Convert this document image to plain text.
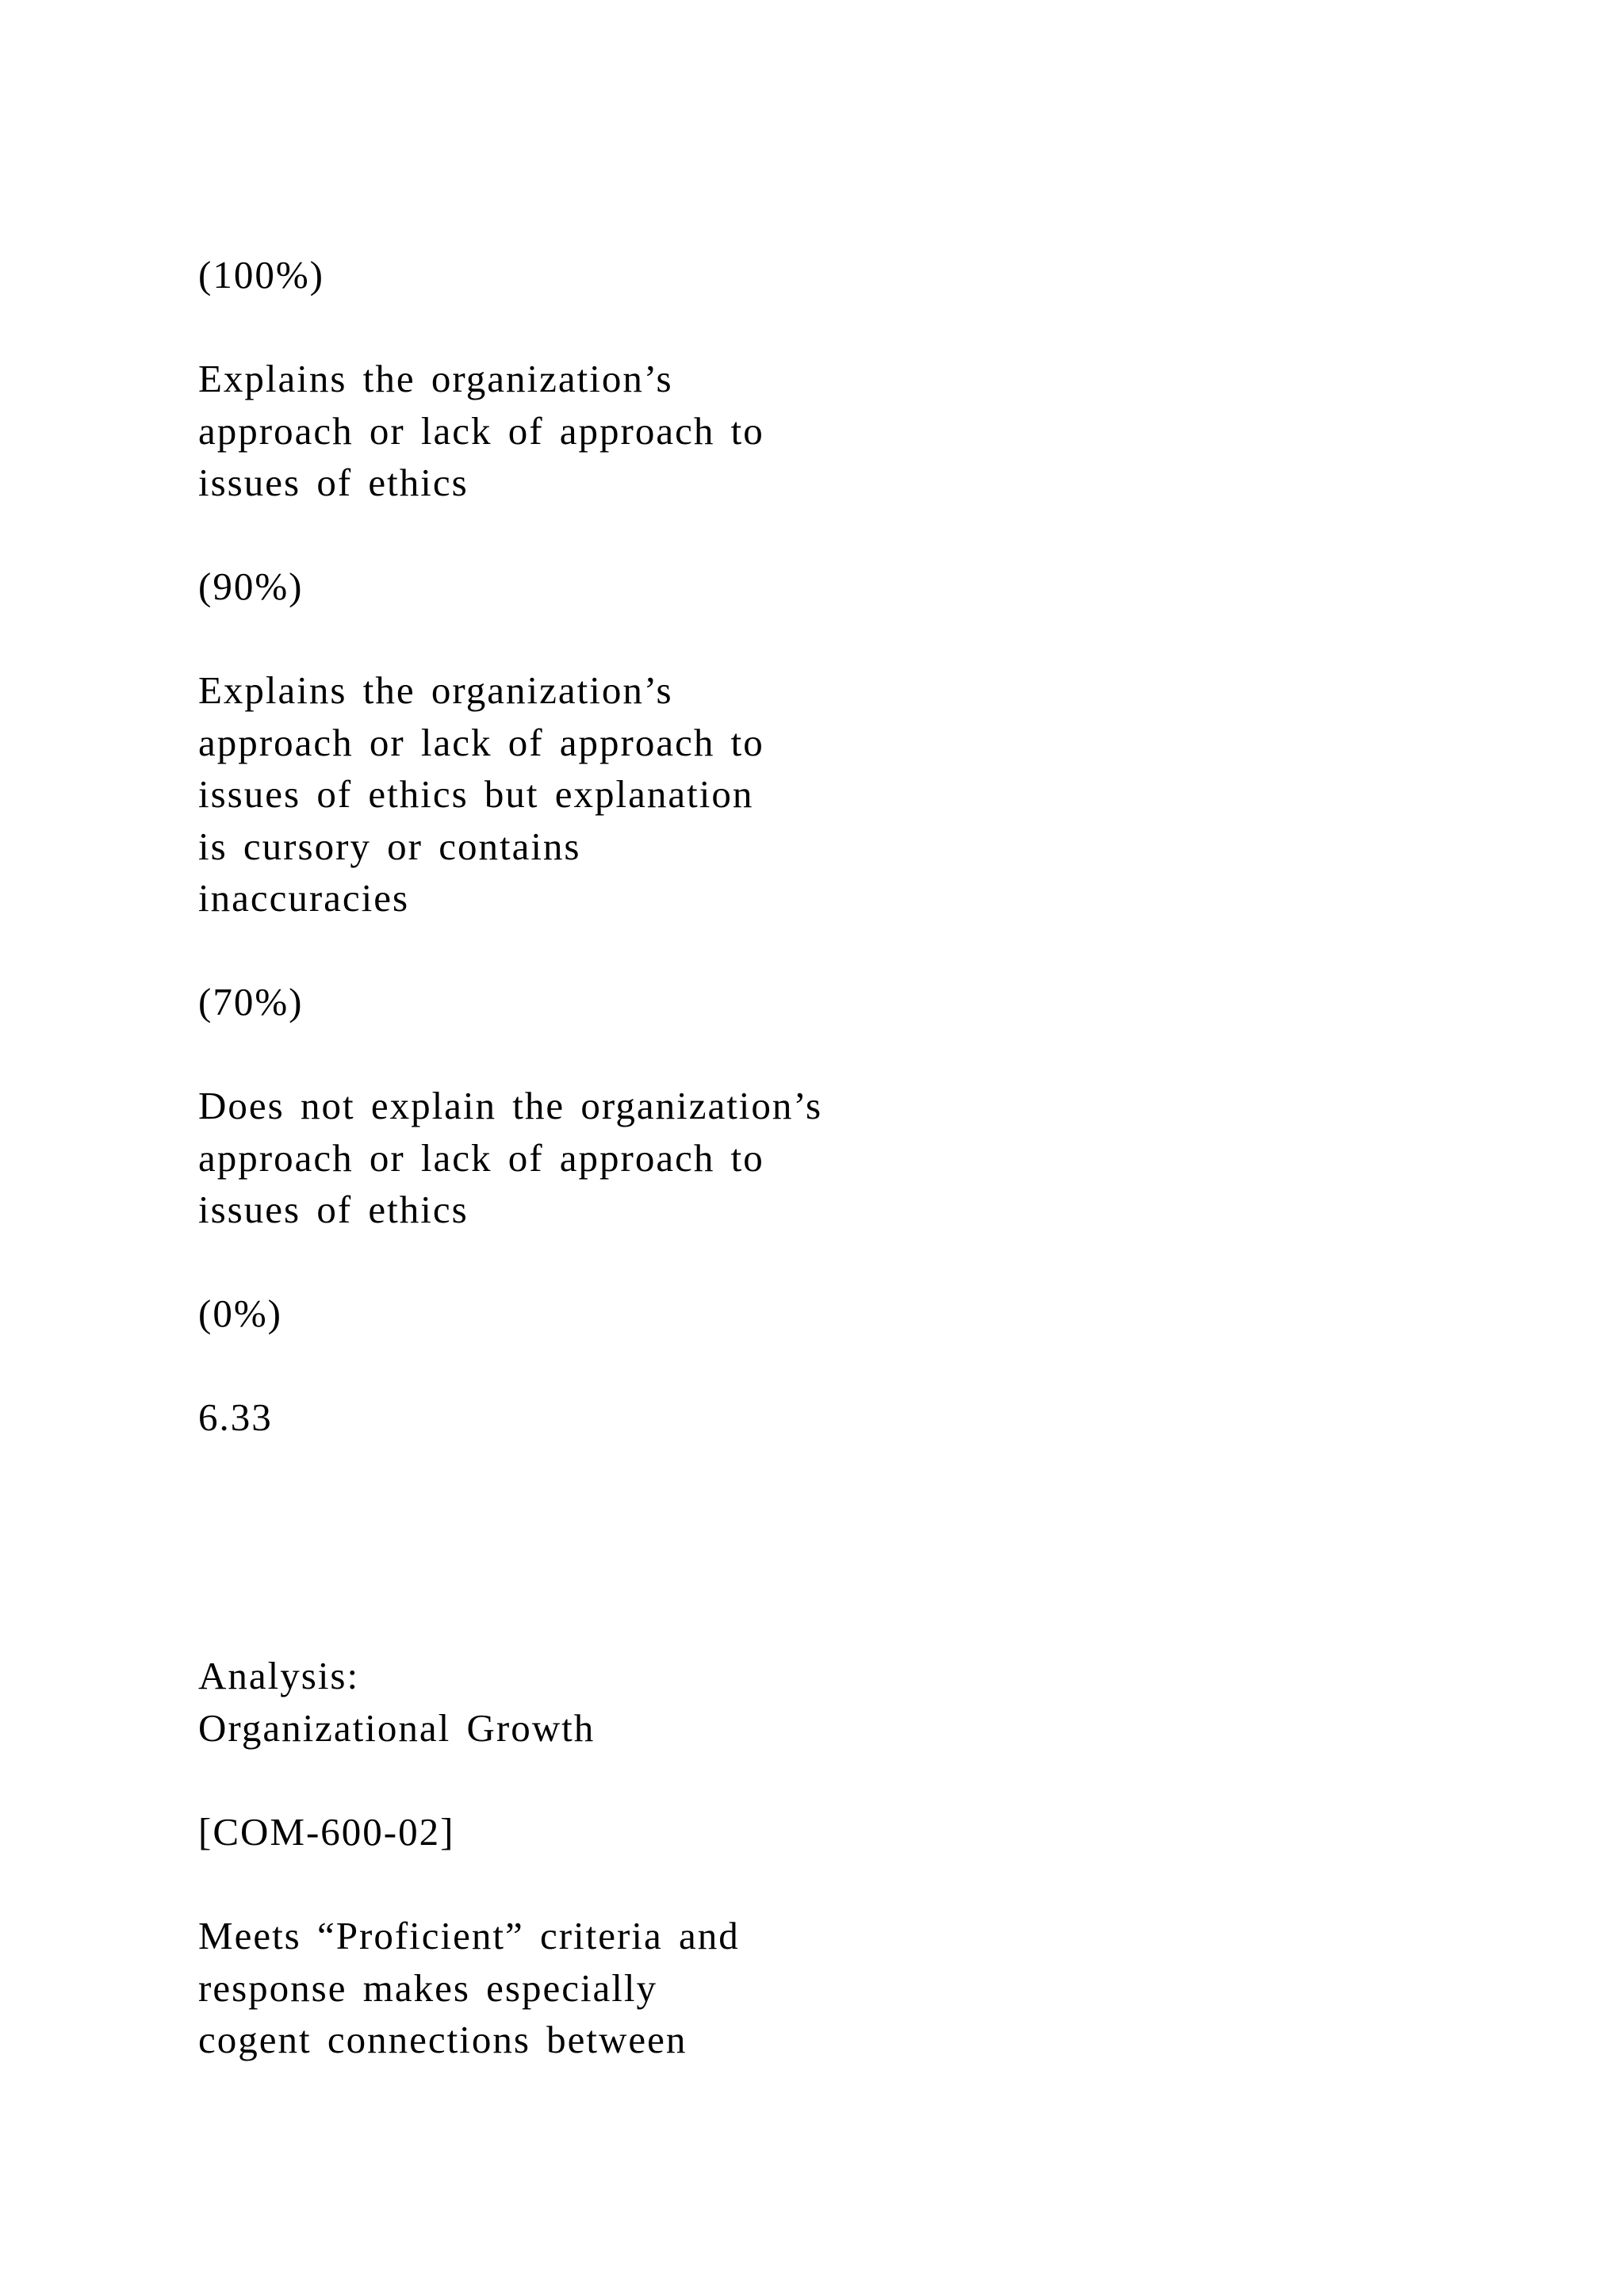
(100%)

Explains the organization’s
approach or lack of approach to
issues of ethics

(90%)

Explains the organization’s
approach or lack of approach to
issues of ethics but explanation
is cursory or contains
inaccuracies

(70%)

Does not explain the organization’s
approach or lack of approach to
issues of ethics

(0%)

6.33

Analysis:
Organizational Growth

[COM-600-02]

Meets “Proficient” criteria and
response makes especially
cogent connections between
